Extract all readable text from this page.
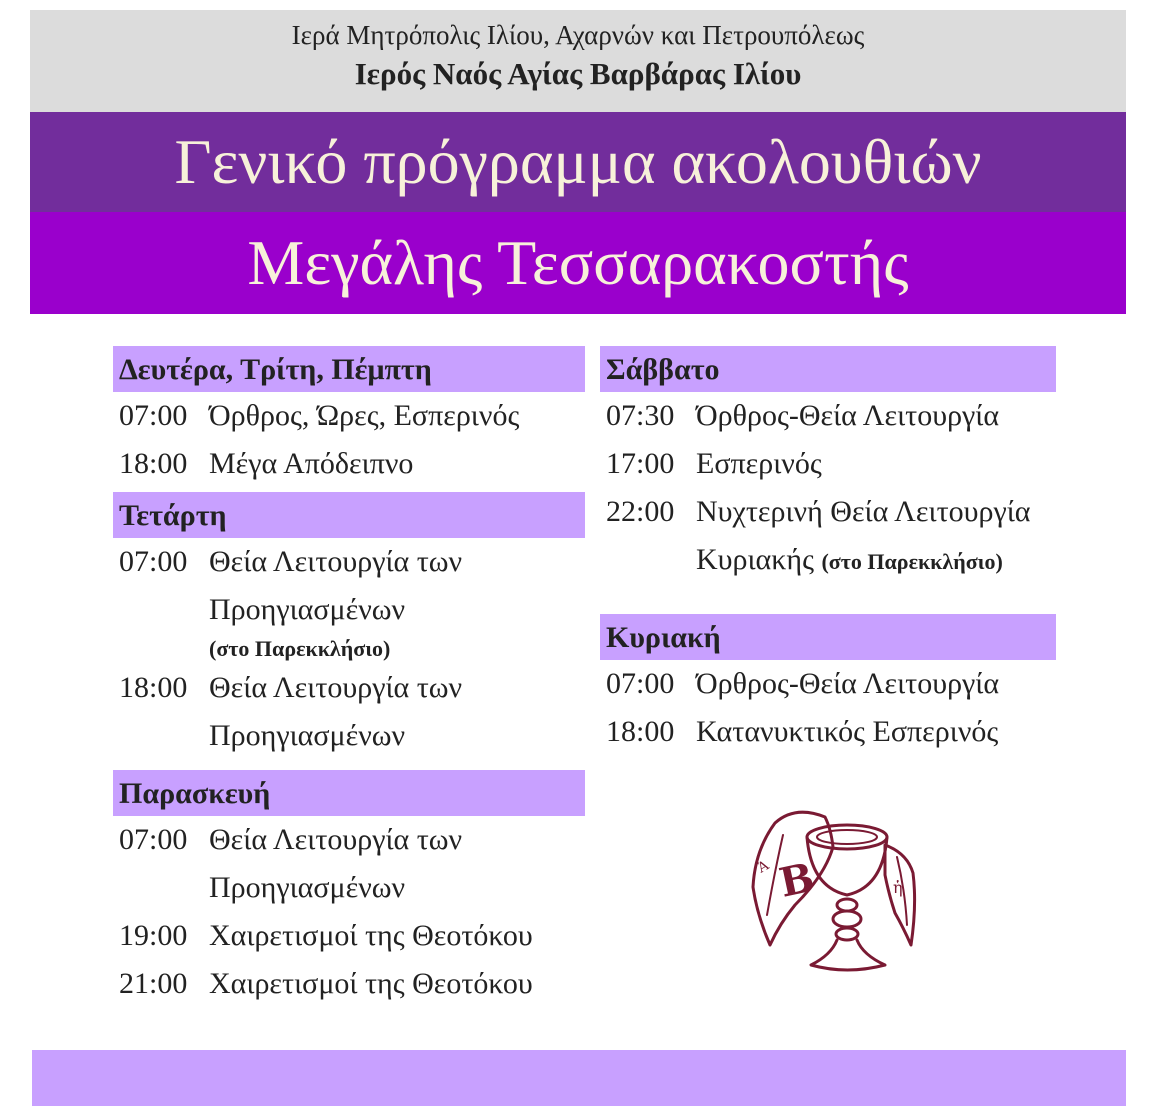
Ιερά Μητρόπολις Ιλίου, Αχαρνών και Πετρουπόλεως
Ιερός Ναός Αγίας Βαρβάρας Ιλίου
Γενικό πρόγραμμα ακολουθιών
Μεγάλης Τεσσαρακοστής
Δευτέρα, Τρίτη, Πέμπτη
07:00 Όρθρος, Ώρες, Εσπερινός
18:00 Μέγα Απόδειπνο
Τετάρτη
07:00 Θεία Λειτουργία των
Προηγιασμένων
(στο Παρεκκλήσιο)
18:00 Θεία Λειτουργία των
Προηγιασμένων
Παρασκευή
07:00 Θεία Λειτουργία των
Προηγιασμένων
19:00 Χαιρετισμοί της Θεοτόκου
21:00 Χαιρετισμοί της Θεοτόκου
Σάββατο
07:30 Όρθρος-Θεία Λειτουργία
17:00 Εσπερινός
22:00 Νυχτερινή Θεία Λειτουργία
Κυριακής (στο Παρεκκλήσιο)
Κυριακή
07:00 Όρθρος-Θεία Λειτουργία
18:00 Κατανυκτικός Εσπερινός
B
Ἁ
ἡ
